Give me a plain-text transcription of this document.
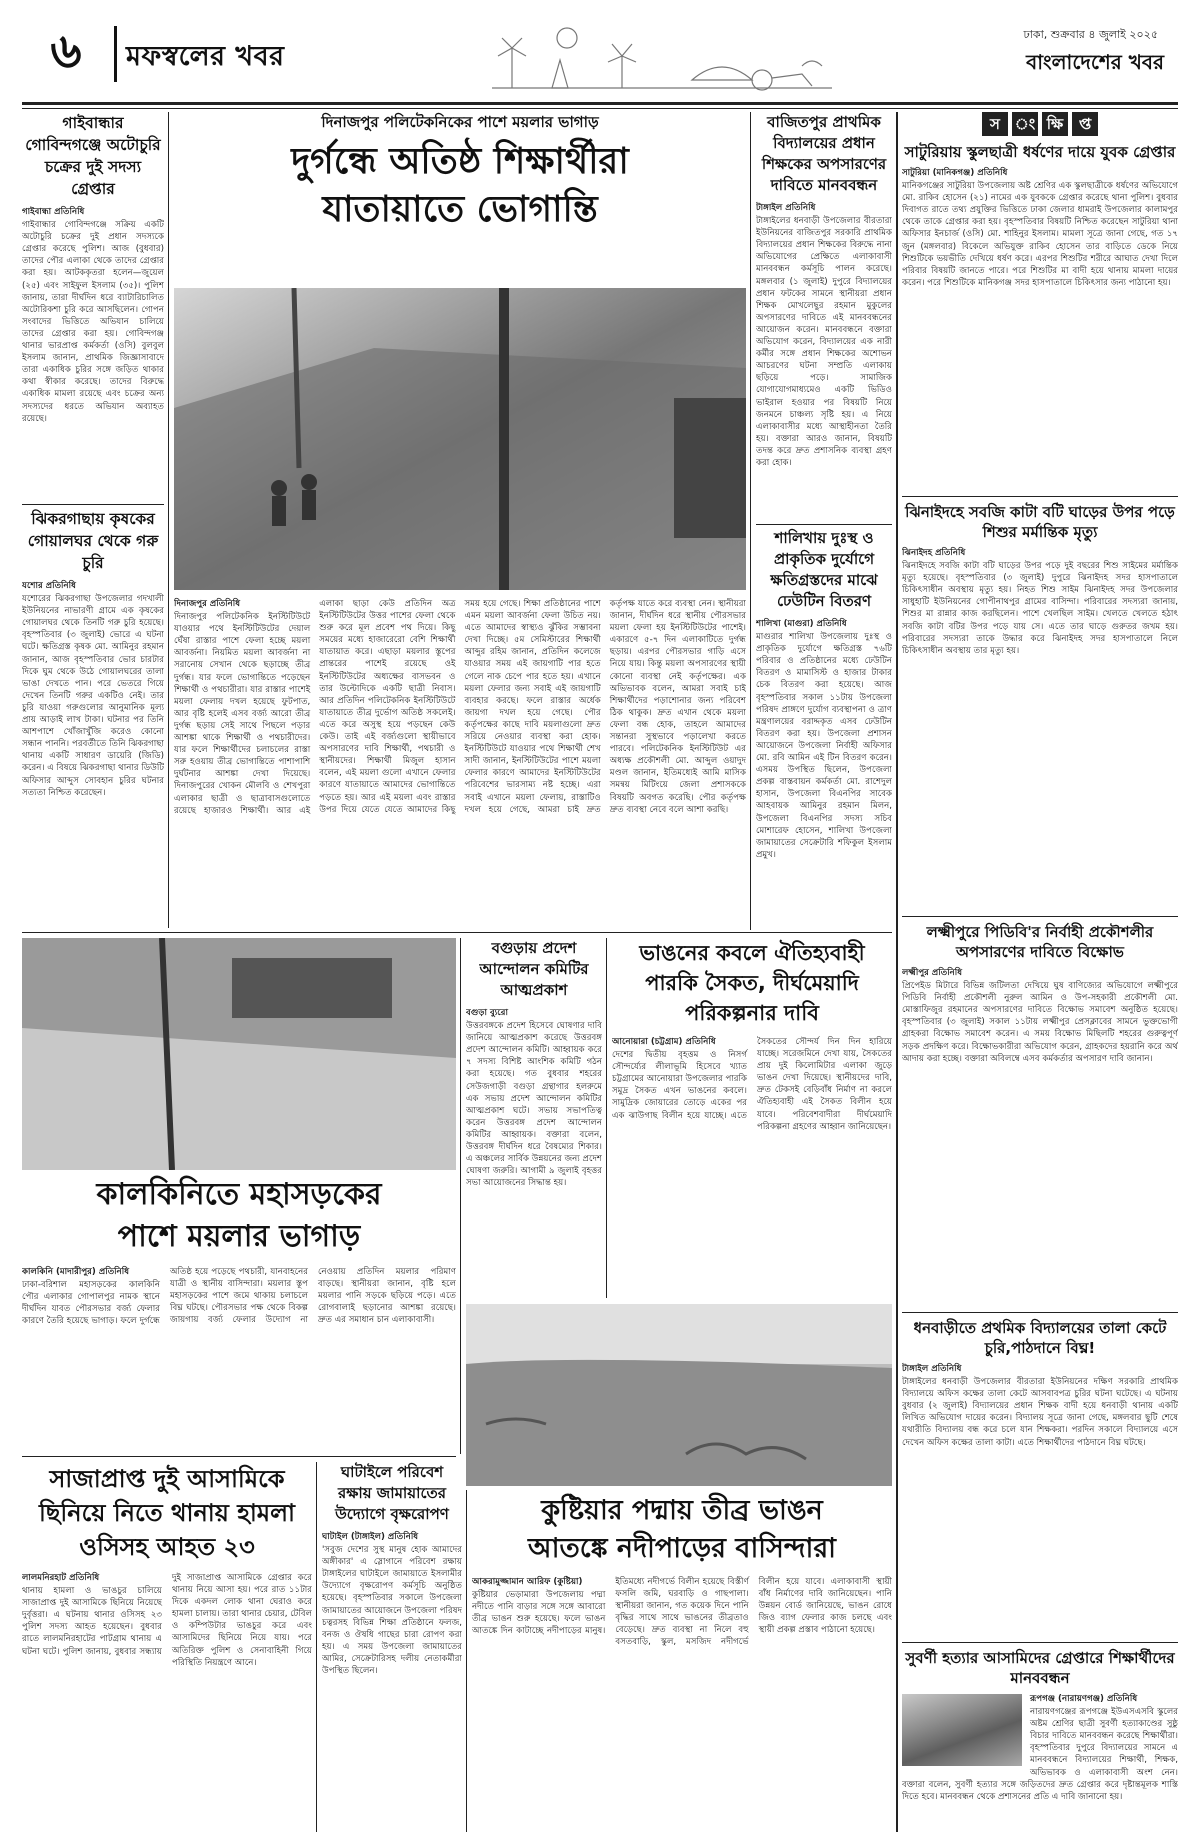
৬	মফস্বলের খবর
ঢাকা, শুক্রবার ৪ জুলাই ২০২৫
বাংলাদেশের খবর
গাইবান্ধার গোবিন্দগঞ্জে অটোচুরি চক্রের দুই সদস্য গ্রেপ্তার
গাইবান্ধা প্রতিনিধি
গাইবান্ধার গোবিন্দগঞ্জে সক্রিয় একটি অটোচুরি চক্রের দুই প্রধান সদস্যকে গ্রেপ্তার করেছে পুলিশ। আজ (বুধবার) তাদের পৌর এলাকা থেকে তাদের গ্রেপ্তার করা হয়। আটককৃতরা হলেন—জুয়েল (২৫) এবং সাইফুল ইসলাম (৩৫)। পুলিশ জানায়, তারা দীর্ঘদিন ধরে ব্যাটারিচালিত অটোরিকশা চুরি করে আসছিলেন। গোপন সংবাদের ভিত্তিতে অভিযান চালিয়ে তাদের গ্রেপ্তার করা হয়। গোবিন্দগঞ্জ থানার ভারপ্রাপ্ত কর্মকর্তা (ওসি) বুলবুল ইসলাম জানান, প্রাথমিক জিজ্ঞাসাবাদে তারা একাধিক চুরির সঙ্গে জড়িত থাকার কথা স্বীকার করেছে। তাদের বিরুদ্ধে একাধিক মামলা রয়েছে এবং চক্রের অন্য সদস্যদের ধরতে অভিযান অব্যাহত রয়েছে।
ঝিকরগাছায় কৃষকের গোয়ালঘর থেকে গরু চুরি
যশোর প্রতিনিধি
যশোরের ঝিকরগাছা উপজেলার গদখালী ইউনিয়নের নাভারণী গ্রামে এক কৃষকের গোয়ালঘর থেকে তিনটি গরু চুরি হয়েছে। বৃহস্পতিবার (৩ জুলাই) ভোরে এ ঘটনা ঘটে। ক্ষতিগ্রস্ত কৃষক মো. আমিনুর রহমান জানান, আজ বৃহস্পতিবার ভোর চারটার দিকে ঘুম থেকে উঠে গোয়ালঘরের তালা ভাঙা দেখতে পান। পরে ভেতরে গিয়ে দেখেন তিনটি গরুর একটিও নেই। তার চুরি যাওয়া গরুগুলোর আনুমানিক মূল্য প্রায় আড়াই লাখ টাকা। ঘটনার পর তিনি আশপাশে খোঁজাখুঁজি করেও কোনো সন্ধান পাননি। পরবর্তীতে তিনি ঝিকরগাছা থানায় একটি সাধারণ ডায়েরি (জিডি) করেন। এ বিষয়ে ঝিকরগাছা থানার ডিউটি অফিসার আব্দুস সোবহান চুরির ঘটনার সত্যতা নিশ্চিত করেছেন।
দিনাজপুর পলিটেকনিকের পাশে ময়লার ভাগাড়
দুর্গন্ধে অতিষ্ঠ শিক্ষার্থীরা
যাতায়াতে ভোগান্তি
দিনাজপুর প্রতিনিধি
দিনাজপুর পলিটেকনিক ইনস্টিটিউটে যাওয়ার পথে ইনস্টিটিউটের দেয়াল ঘেঁষা রাস্তার পাশে ফেলা হচ্ছে ময়লা আবর্জনা। নিয়মিত ময়লা আবর্জনা না সরানোয় সেখান থেকে ছড়াচ্ছে তীব্র দুর্গন্ধ। যার ফলে ভোগান্তিতে পড়েছেন শিক্ষার্থী ও পথচারীরা। যার রাস্তার পাশেই ময়লা ফেলায় দখল হয়েছে ফুটপাত, আর বৃষ্টি হলেই এসব বর্জ্য আরো তীব্র দুর্গন্ধ ছড়ায় সেই সাথে পিছলে পড়ার আশঙ্কা থাকে শিক্ষার্থী ও পথচারীদের। যার ফলে শিক্ষার্থীদের চলাচলের রাস্তা সরু হওয়ায় তীব্র ভোগান্তিতে পাশাপাশি দুর্ঘটনার আশঙ্কা দেখা দিয়েছে। দিনাজপুরের খোকন মৌলবি ও শেখপুরা এলাকার ছাত্রী ও ছাত্রাবাসগুলোতে রয়েছে হাজারও শিক্ষার্থী। আর এই এলাকা ছাড়া কেউ প্রতিদিন অত্র ইনস্টিটিউটের উত্তর পাশের ফেলা থেকে শুরু করে মূল প্রবেশ পথ দিয়ে। কিছু সময়ের মধ্যে হাজারেরো বেশি শিক্ষার্থী যাতায়াত করে। এছাড়া ময়লার স্তূপের প্রান্তরের পাশেই রয়েছে ওই ইনস্টিটিউটের অধ্যক্ষের বাসভবন ও তার উল্টোদিকে একটি ছাত্রী নিবাস। আর প্রতিদিন পলিটেকনিক ইনস্টিটিউটে যাতায়াতে তীব্র দুর্ভোগ অতিষ্ঠ সকলেই। এতে করে অসুস্থ হয়ে পড়ছেন কেউ কেউ। তাই এই বর্জ্যগুলো স্থায়ীভাবে অপসারণের দাবি শিক্ষার্থী, পথচারী ও স্থানীয়দের। শিক্ষার্থী মিজুল হাসান বলেন, এই ময়লা গুলো এখানে ফেলার কারণে যাতায়াতে আমাদের ভোগান্তিতে পড়তে হয়। আর এই ময়লা এবং রাস্তার উপর দিয়ে যেতে যেতে আমাদের কিছু সময় হয়ে গেছে। শিক্ষা প্রতিষ্ঠানের পাশে এমন ময়লা আবর্জনা ফেলা উচিত নয়। এতে আমাদের স্বাস্থ্যও ঝুঁকির সম্ভাবনা দেখা দিচ্ছে। ৫ম সেমিস্টারের শিক্ষার্থী আব্দুর রহিম জানান, প্রতিদিন কলেজে যাওয়ার সময় এই জায়গাটি পার হতে গেলে নাক চেপে পার হতে হয়। এখানে ময়লা ফেলার জন্য সবাই এই জায়গাটি ব্যবহার করছে। ফলে রাস্তার অর্ধেক জায়গা দখল হয়ে গেছে। পৌর কর্তৃপক্ষের কাছে দাবি ময়লাগুলো দ্রুত সরিয়ে নেওয়ার ব্যবস্থা করা হোক। ইনস্টিটিউটে যাওয়ার পথে শিক্ষার্থী শেখ সাদী জানান, ইনস্টিটিউটের পাশে ময়লা ফেলার কারণে আমাদের ইনস্টিটিউটের পরিবেশের ভারসাম্য নষ্ট হচ্ছে। এরা সবাই এখানে ময়লা ফেলায়, রাস্তাটিও দখল হয়ে গেছে, আমরা চাই দ্রুত কর্তৃপক্ষ যাতে করে ব্যবস্থা নেন। স্থানীয়রা জানান, দীর্ঘদিন ধরে স্থানীয় পৌরসভার ময়লা ফেলা হয় ইনস্টিটিউটের পাশেই। একারণে ৫-৭ দিন এলাকাটিতে দুর্গন্ধ ছড়ায়। এরপর পৌরসভার গাড়ি এসে নিয়ে যায়। কিন্তু ময়লা অপসারণের স্থায়ী কোনো ব্যবস্থা নেই কর্তৃপক্ষের। এক অভিভাবক বলেন, আমরা সবাই চাই শিক্ষার্থীদের পড়াশোনার জন্য পরিবেশ ঠিক থাকুক। দ্রুত এখান থেকে ময়লা ফেলা বন্ধ হোক, তাহলে আমাদের সন্তানরা সুস্থভাবে পড়ালেখা করতে পারবে। পলিটেকনিক ইনস্টিটিউট এর অধ্যক্ষ প্রকৌশলী মো. আব্দুল ওয়াদুদ মণ্ডল জানান, ইতিমধ্যেই আমি মাসিক সমন্বয় মিটিংয়ে জেলা প্রশাসককে বিষয়টি অবগত করেছি। পৌর কর্তৃপক্ষ দ্রুত ব্যবস্থা নেবে বলে আশা করছি।
বাজিতপুর প্রাথমিক বিদ্যালয়ের প্রধান শিক্ষকের অপসারণের দাবিতে মানববন্ধন
টাঙ্গাইল প্রতিনিধি
টাঙ্গাইলের ধনবাড়ী উপজেলার বীরতারা ইউনিয়নের বাজিতপুর সরকারি প্রাথমিক বিদ্যালয়ের প্রধান শিক্ষকের বিরুদ্ধে নানা অভিযোগের প্রেক্ষিতে এলাকাবাসী মানববন্ধন কর্মসূচি পালন করেছে। মঙ্গলবার (১ জুলাই) দুপুরে বিদ্যালয়ের প্রধান ফটকের সামনে স্থানীয়রা প্রধান শিক্ষক মোখলেছুর রহমান মুকুলের অপসারণের দাবিতে এই মানববন্ধনের আয়োজন করেন। মানববন্ধনে বক্তারা অভিযোগ করেন, বিদ্যালয়ের এক নারী কর্মীর সঙ্গে প্রধান শিক্ষকের অশোভন আচরণের ঘটনা সম্প্রতি এলাকায় ছড়িয়ে পড়ে। সামাজিক যোগাযোগমাধ্যমেও একটি ভিডিও ভাইরাল হওয়ার পর বিষয়টি নিয়ে জনমনে চাঞ্চল্য সৃষ্টি হয়। এ নিয়ে এলাকাবাসীর মধ্যে আস্থাহীনতা তৈরি হয়। বক্তারা আরও জানান, বিষয়টি তদন্ত করে দ্রুত প্রশাসনিক ব্যবস্থা গ্রহণ করা হোক।
শালিখায় দুঃস্থ ও প্রাকৃতিক দুর্যোগে ক্ষতিগ্রস্তদের মাঝে ঢেউটিন বিতরণ
শালিখা (মাগুরা) প্রতিনিধি
মাগুরার শালিখা উপজেলায় দুঃস্থ ও প্রাকৃতিক দুর্যোগে ক্ষতিগ্রস্ত ৭৬টি পরিবার ও প্রতিষ্ঠানের মধ্যে ঢেউটিন বিতরণ ও মামাসিস্ট ও হাজার টাকার চেক বিতরণ করা হয়েছে। আজ বৃহস্পতিবার সকাল ১১টায় উপজেলা পরিষদ প্রাঙ্গণে দুর্যোগ ব্যবস্থাপনা ও ত্রাণ মন্ত্রণালয়ের বরাদ্দকৃত এসব ঢেউটিন বিতরণ করা হয়। উপজেলা প্রশাসন আয়োজনে উপজেলা নির্বাহী অফিসার মো. রবি আমিন এই টিন বিতরণ করেন। এসময় উপস্থিত ছিলেন, উপজেলা প্রকল্প বাস্তবায়ন কর্মকর্তা মো. রাশেদুল হাসান, উপজেলা বিএনপির সাবেক আহবায়ক আমিনুর রহমান মিলন, উপজেলা বিএনপির সদস্য সচিব মোশারেফ হোসেন, শালিখা উপজেলা জামায়াতের সেক্রেটারি শফিকুল ইসলাম প্রমুখ।
স ং ক্ষি	প্ত
সাটুরিয়ায় স্কুলছাত্রী ধর্ষণের দায়ে যুবক গ্রেপ্তার
সাটুরিয়া (মানিকগঞ্জ) প্রতিনিধি
মানিকগঞ্জের সাটুরিয়া উপজেলায় অষ্ট শ্রেণির এক স্কুলছাত্রীকে ধর্ষণের অভিযোগে মো. রাকিব হোসেন (২১) নামের এক যুবককে গ্রেপ্তার করেছে থানা পুলিশ। বুধবার দিবাগত রাতে তথ্য প্রযুক্তির ভিত্তিতে ঢাকা জেলার ধামরাই উপজেলার কালামপুর থেকে তাকে গ্রেপ্তার করা হয়। বৃহস্পতিবার বিষয়টি নিশ্চিত করেছেন সাটুরিয়া থানা অফিসার ইনচার্জ (ওসি) মো. শাহিনুর ইসলাম। মামলা সূত্রে জানা গেছে, গত ১৭ জুন (মঙ্গলবার) বিকেলে অভিযুক্ত রাকিব হোসেন তার বাড়িতে ডেকে নিয়ে শিশুটিকে ভয়ভীতি দেখিয়ে ধর্ষণ করে। এরপর শিশুটির শরীরে আঘাত দেখা দিলে পরিবার বিষয়টি জানতে পারে। পরে শিশুটির মা বাদী হয়ে থানায় মামলা দায়ের করেন। পরে শিশুটিকে মানিকগঞ্জ সদর হাসপাতালে চিকিৎসার জন্য পাঠানো হয়।
ঝিনাইদহে সবজি কাটা বটি ঘাড়ের উপর পড়ে শিশুর মর্মান্তিক মৃত্যু
ঝিনাইদহ প্রতিনিধি
ঝিনাইদহে সবজি কাটা বটি ঘাড়ের উপর পড়ে দুই বছরের শিশু সাইমের মর্মান্তিক মৃত্যু হয়েছে। বৃহস্পতিবার (৩ জুলাই) দুপুরে ঝিনাইদহ সদর হাসপাতালে চিকিৎসাধীন অবস্থায় মৃত্যু হয়। নিহত শিশু সাইম ঝিনাইদহ সদর উপজেলার সাধুহাটি ইউনিয়নের গোপীনাথপুর গ্রামের বাসিন্দা। পরিবারের সদস্যরা জানায়, শিশুর মা রান্নার কাজ করছিলেন। পাশে খেলছিল সাইম। খেলতে খেলতে হঠাৎ সবজি কাটা বটির উপর পড়ে যায় সে। এতে তার ঘাড়ে গুরুতর জখম হয়। পরিবারের সদস্যরা তাকে উদ্ধার করে ঝিনাইদহ সদর হাসপাতালে নিলে চিকিৎসাধীন অবস্থায় তার মৃত্যু হয়।
লক্ষ্মীপুরে পিডিবি'র নির্বাহী প্রকৌশলীর অপসারণের দাবিতে বিক্ষোভ
লক্ষ্মীপুর প্রতিনিধি
প্রিপেইড মিটারে বিভিন্ন জটিলতা দেখিয়ে ঘুষ বাণিজ্যের অভিযোগে লক্ষ্মীপুরে পিডিবি নির্বাহী প্রকৌশলী নুরুল আমিন ও উপ-সহকারী প্রকৌশলী মো. মোস্তাফিজুর রহমানের অপসারণের দাবিতে বিক্ষোভ সমাবেশ অনুষ্ঠিত হয়েছে। বৃহস্পতিবার (৩ জুলাই) সকাল ১১টায় লক্ষ্মীপুর প্রেসক্লাবের সামনে ভুক্তভোগী গ্রাহকরা বিক্ষোভ সমাবেশ করেন। এ সময় বিক্ষোভ মিছিলটি শহরের গুরুত্বপূর্ণ সড়ক প্রদক্ষিণ করে। বিক্ষোভকারীরা অভিযোগ করেন, গ্রাহকদের হয়রানি করে অর্থ আদায় করা হচ্ছে। বক্তারা অবিলম্বে এসব কর্মকর্তার অপসারণ দাবি জানান।
ধনবাড়ীতে প্রথমিক বিদ্যালয়ের তালা কেটে চুরি,পাঠদানে বিঘ্ন!
টাঙ্গাইল প্রতিনিধি
টাঙ্গাইলের ধনবাড়ী উপজেলার বীরতারা ইউনিয়নের দক্ষিণ সরকারি প্রাথমিক বিদ্যালয়ে অফিস কক্ষের তালা কেটে আসবাবপত্র চুরির ঘটনা ঘটেছে। এ ঘটনায় বুধবার (২ জুলাই) বিদ্যালয়ের প্রধান শিক্ষক বাদী হয়ে ধনবাড়ী থানায় একটি লিখিত অভিযোগ দায়ের করেন। বিদ্যালয় সূত্রে জানা গেছে, মঙ্গলবার ছুটি শেষে যথারীতি বিদ্যালয় বন্ধ করে চলে যান শিক্ষকরা। পরদিন সকালে বিদ্যালয়ে এসে দেখেন অফিস কক্ষের তালা কাটা। এতে শিক্ষার্থীদের পাঠদানে বিঘ্ন ঘটছে।
সুবর্ণী হত্যার আসামিদের গ্রেপ্তারে শিক্ষার্থীদের মানববন্ধন
রূপগঞ্জ (নারায়ণগঞ্জ) প্রতিনিধি
নারায়ণগঞ্জের রূপগঞ্জে ইউএসএসবি স্কুলের অষ্টম শ্রেণির ছাত্রী সুবর্ণী হত্যাকাণ্ডের সুষ্ঠু বিচার দাবিতে মানববন্ধন করেছে শিক্ষার্থীরা। বৃহস্পতিবার দুপুরে বিদ্যালয়ের সামনে এ মানববন্ধনে বিদ্যালয়ের শিক্ষার্থী, শিক্ষক, অভিভাবক ও এলাকাবাসী অংশ নেন। বক্তারা বলেন, সুবর্ণী হত্যার সঙ্গে জড়িতদের দ্রুত গ্রেপ্তার করে দৃষ্টান্তমূলক শাস্তি দিতে হবে। মানববন্ধন থেকে প্রশাসনের প্রতি এ দাবি জানানো হয়।
কালকিনিতে মহাসড়কের
পাশে ময়লার ভাগাড়
কালকিনি (মাদারীপুর) প্রতিনিধি
ঢাকা-বরিশাল মহাসড়কের কালকিনি পৌর এলাকার গোপালপুর নামক স্থানে দীর্ঘদিন যাবত পৌরসভার বর্জ্য ফেলার কারণে তৈরি হয়েছে ভাগাড়। ফলে দুর্গন্ধে অতিষ্ঠ হয়ে পড়েছে পথচারী, যানবাহনের যাত্রী ও স্থানীয় বাসিন্দারা। ময়লার স্তূপ মহাসড়কের পাশে জমে থাকায় চলাচলে বিঘ্ন ঘটছে। পৌরসভার পক্ষ থেকে বিকল্প জায়গায় বর্জ্য ফেলার উদ্যোগ না নেওয়ায় প্রতিদিন ময়লার পরিমাণ বাড়ছে। স্থানীয়রা জানান, বৃষ্টি হলে ময়লার পানি সড়কে ছড়িয়ে পড়ে। এতে রোগবালাই ছড়ানোর আশঙ্কা রয়েছে। দ্রুত এর সমাধান চান এলাকাবাসী।
বগুড়ায় প্রদেশ আন্দোলন কমিটির আত্মপ্রকাশ
বগুড়া ব্যুরো
উত্তরবঙ্গকে প্রদেশ হিসেবে ঘোষণার দাবি জানিয়ে আত্মপ্রকাশ করেছে উত্তরবঙ্গ প্রদেশ আন্দোলন কমিটি। আহ্বায়ক করে ৭ সদস্য বিশিষ্ট আংশিক কমিটি গঠন করা হয়েছে। গত বুধবার শহরের সেউজগাড়ী বগুড়া গ্রন্থাগার হলরুমে এক সভায় প্রদেশ আন্দোলন কমিটির আত্মপ্রকাশ ঘটে। সভায় সভাপতিত্ব করেন উত্তরবঙ্গ প্রদেশ আন্দোলন কমিটির আহ্বায়ক। বক্তারা বলেন, উত্তরবঙ্গ দীর্ঘদিন ধরে বৈষম্যের শিকার। এ অঞ্চলের সার্বিক উন্নয়নের জন্য প্রদেশ ঘোষণা জরুরি। আগামী ৯ জুলাই বৃহত্তর সভা আয়োজনের সিদ্ধান্ত হয়।
ভাঙনের কবলে ঐতিহ্যবাহী
পারকি সৈকত, দীর্ঘমেয়াদি
পরিকল্পনার দাবি
আনোয়ারা (চট্টগ্রাম) প্রতিনিধি
দেশের দ্বিতীয় বৃহত্তম ও নিসর্গ সৌন্দর্য্যের লীলাভূমি হিসেবে খ্যাত চট্টগ্রামের আনোয়ারা উপজেলার পারকি সমুদ্র সৈকত এখন ভাঙনের কবলে। সামুদ্রিক জোয়ারের তোড়ে একের পর এক ঝাউগাছ বিলীন হয়ে যাচ্ছে। এতে সৈকতের সৌন্দর্য দিন দিন হারিয়ে যাচ্ছে। সরেজমিনে দেখা যায়, সৈকতের প্রায় দুই কিলোমিটার এলাকা জুড়ে ভাঙন দেখা দিয়েছে। স্থানীয়দের দাবি, দ্রুত টেকসই বেড়িবাঁধ নির্মাণ না করলে ঐতিহ্যবাহী এই সৈকত বিলীন হয়ে যাবে। পরিবেশবাদীরা দীর্ঘমেয়াদি পরিকল্পনা গ্রহণের আহ্বান জানিয়েছেন।
সাজাপ্রাপ্ত দুই আসামিকে
ছিনিয়ে নিতে থানায় হামলা
ওসিসহ আহত ২৩
লালমনিরহাট প্রতিনিধি
থানায় হামলা ও ভাঙচুর চালিয়ে সাজাপ্রাপ্ত দুই আসামিকে ছিনিয়ে নিয়েছে দুর্বৃত্তরা। এ ঘটনায় থানার ওসিসহ ২৩ পুলিশ সদস্য আহত হয়েছেন। বুধবার রাতে লালমনিরহাটের পাটগ্রাম থানায় এ ঘটনা ঘটে। পুলিশ জানায়, বুধবার সন্ধ্যায় দুই সাজাপ্রাপ্ত আসামিকে গ্রেপ্তার করে থানায় নিয়ে আসা হয়। পরে রাত ১১টার দিকে একদল লোক থানা ঘেরাও করে হামলা চালায়। তারা থানার চেয়ার, টেবিল ও কম্পিউটার ভাঙচুর করে এবং আসামিদের ছিনিয়ে নিয়ে যায়। পরে অতিরিক্ত পুলিশ ও সেনাবাহিনী গিয়ে পরিস্থিতি নিয়ন্ত্রণে আনে।
ঘাটাইলে পরিবেশ রক্ষায় জামায়াতের উদ্যোগে বৃক্ষরোপণ
ঘাটাইল (টাঙ্গাইল) প্রতিনিধি
'সবুজ দেশের সুস্থ মানুষ হোক আমাদের অঙ্গীকার' এ স্লোগানে পরিবেশ রক্ষায় টাঙ্গাইলের ঘাটাইলে জামায়াতে ইসলামীর উদ্যোগে বৃক্ষরোপণ কর্মসূচি অনুষ্ঠিত হয়েছে। বৃহস্পতিবার সকালে উপজেলা জামায়াতের আয়োজনে উপজেলা পরিষদ চত্বরসহ বিভিন্ন শিক্ষা প্রতিষ্ঠানে ফলজ, বনজ ও ঔষধি গাছের চারা রোপণ করা হয়। এ সময় উপজেলা জামায়াতের আমির, সেক্রেটারিসহ দলীয় নেতাকর্মীরা উপস্থিত ছিলেন।
কুষ্টিয়ার পদ্মায় তীব্র ভাঙন
আতঙ্কে নদীপাড়ের বাসিন্দারা
আকরামুজ্জামান আরিফ (কুষ্টিয়া)
কুষ্টিয়ার ভেড়ামারা উপজেলায় পদ্মা নদীতে পানি বাড়ার সঙ্গে সঙ্গে আবারো তীব্র ভাঙন শুরু হয়েছে। ফলে ভাঙন আতঙ্কে দিন কাটাচ্ছে নদীপাড়ের মানুষ। ইতিমধ্যে নদীগর্ভে বিলীন হয়েছে বিস্তীর্ণ ফসলি জমি, ঘরবাড়ি ও গাছপালা। স্থানীয়রা জানান, গত কয়েক দিনে পানি বৃদ্ধির সাথে সাথে ভাঙনের তীব্রতাও বেড়েছে। দ্রুত ব্যবস্থা না নিলে বহু বসতবাড়ি, স্কুল, মসজিদ নদীগর্ভে বিলীন হয়ে যাবে। এলাকাবাসী স্থায়ী বাঁধ নির্মাণের দাবি জানিয়েছেন। পানি উন্নয়ন বোর্ড জানিয়েছে, ভাঙন রোধে জিও ব্যাগ ফেলার কাজ চলছে এবং স্থায়ী প্রকল্প প্রস্তাব পাঠানো হয়েছে।
